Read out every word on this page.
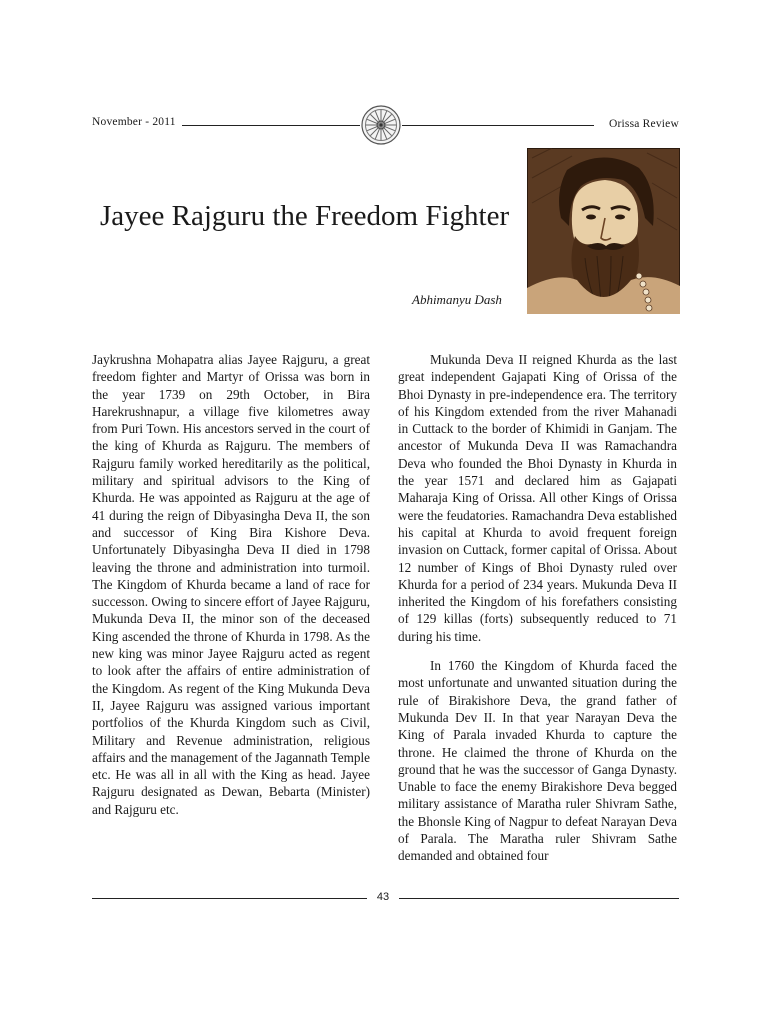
November - 2011	Orissa Review
Jayee Rajguru the Freedom Fighter
Abhimanyu Dash

Jaykrushna Mohapatra alias Jayee Rajguru, a great freedom fighter and Martyr of Orissa was born in the year 1739 on 29th October, in Bira Harekrushnapur, a village five kilometres away from Puri Town. His ancestors served in the court of the king of Khurda as Rajguru. The members of Rajguru family worked hereditarily as the political, military and spiritual advisors to the King of Khurda. He was appointed as Rajguru at the age of 41 during the reign of Dibyasingha Deva II, the son and successor of King Bira Kishore Deva. Unfortunately Dibyasingha Deva II died in 1798 leaving the throne and administration into turmoil. The Kingdom of Khurda became a land of race for successon. Owing to sincere effort of Jayee Rajguru, Mukunda Deva II, the minor son of the deceased King ascended the throne of Khurda in 1798. As the new king was minor Jayee Rajguru acted as regent to look after the affairs of entire administration of the Kingdom. As regent of the King Mukunda Deva II, Jayee Rajguru was assigned various important portfolios of the Khurda Kingdom such as Civil, Military and Revenue administration, religious affairs and the management of the Jagannath Temple etc. He was all in all with the King as head. Jayee Rajguru designated as Dewan, Bebarta (Minister) and Rajguru etc.

Mukunda Deva II reigned Khurda as the last great independent Gajapati King of Orissa of the Bhoi Dynasty in pre-independence era. The territory of his Kingdom extended from the river Mahanadi in Cuttack to the border of Khimidi in Ganjam. The ancestor of Mukunda Deva II was Ramachandra Deva who founded the Bhoi Dynasty in Khurda in the year 1571 and declared him as Gajapati Maharaja King of Orissa. All other Kings of Orissa were the feudatories. Ramachandra Deva established his capital at Khurda to avoid frequent foreign invasion on Cuttack, former capital of Orissa. About 12 number of Kings of Bhoi Dynasty ruled over Khurda for a period of 234 years. Mukunda Deva II inherited the Kingdom of his forefathers consisting of 129 killas (forts) subsequently reduced to 71 during his time.

In 1760 the Kingdom of Khurda faced the most unfortunate and unwanted situation during the rule of Birakishore Deva, the grand father of Mukunda Dev II. In that year Narayan Deva the King of Parala invaded Khurda to capture the throne. He claimed the throne of Khurda on the ground that he was the successor of Ganga Dynasty. Unable to face the enemy Birakishore Deva begged military assistance of Maratha ruler Shivram Sathe, the Bhonsle King of Nagpur to defeat Narayan Deva of Parala. The Maratha ruler Shivram Sathe demanded and obtained four

43
